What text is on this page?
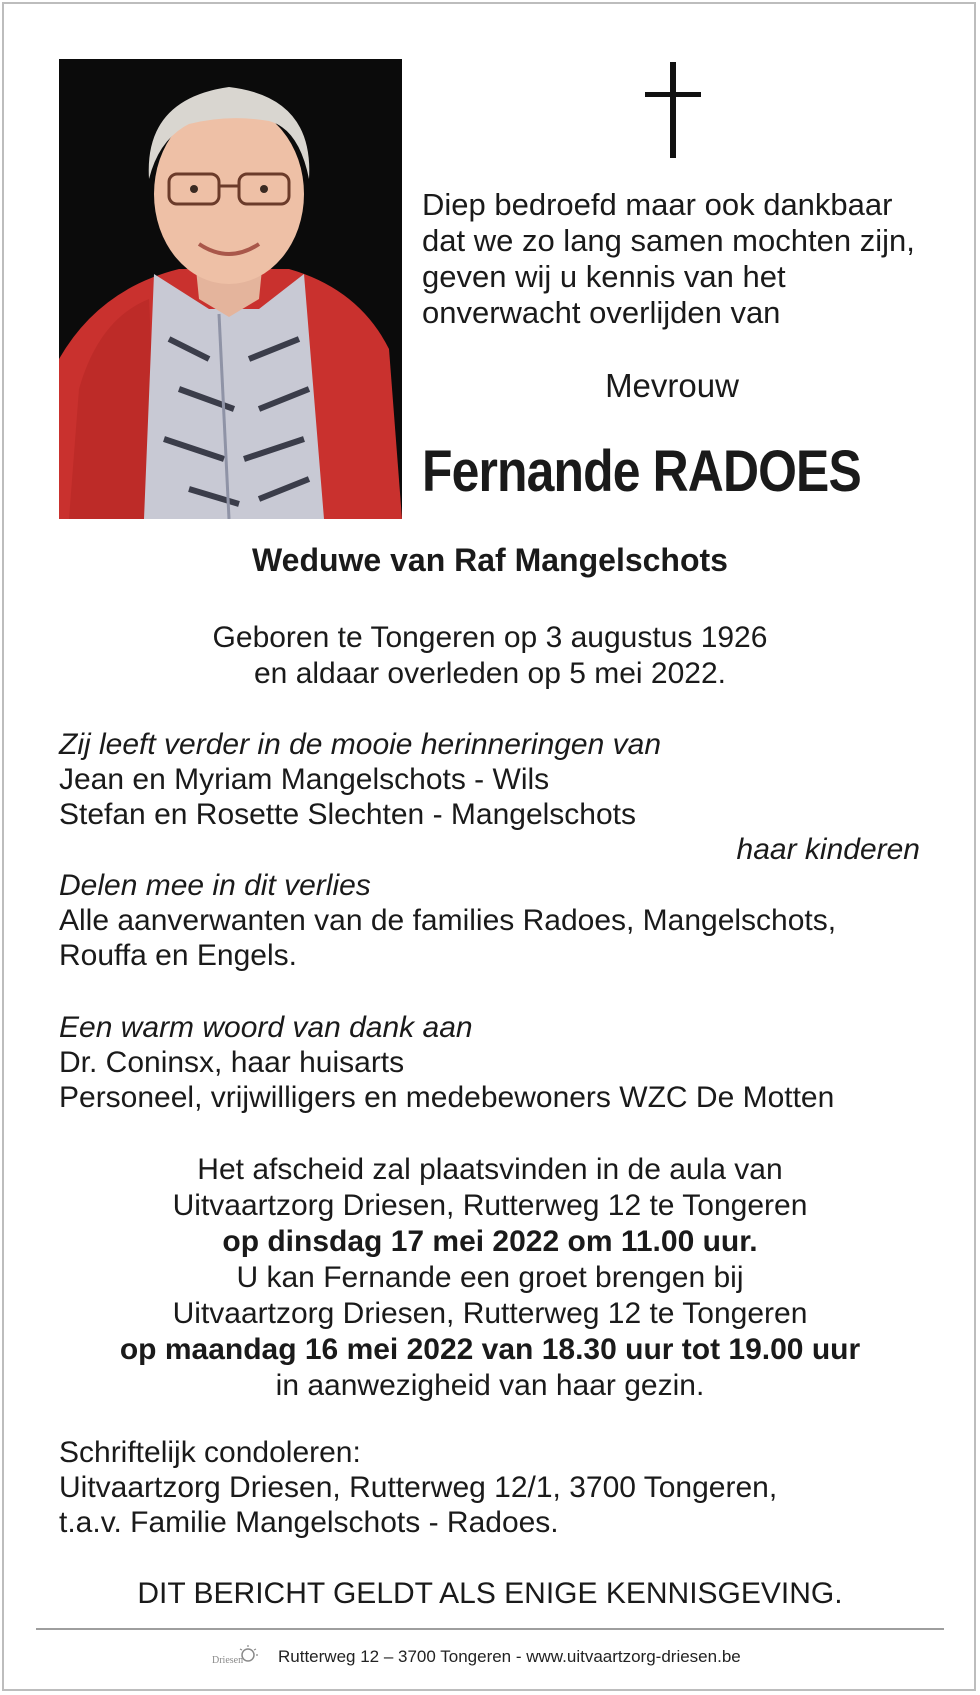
Diep bedroefd maar ook dankbaar
dat we zo lang samen mochten zijn,
geven wij u kennis van het
onverwacht overlijden van
Mevrouw
Fernande RADOES
Weduwe van Raf Mangelschots
Geboren te Tongeren op 3 augustus 1926
en aldaar overleden op 5 mei 2022.
Zij leeft verder in de mooie herinneringen van
Jean en Myriam Mangelschots - Wils
Stefan en Rosette Slechten - Mangelschots
haar kinderen
Delen mee in dit verlies
Alle aanverwanten van de families Radoes, Mangelschots,
Rouffa en Engels.
Een warm woord van dank aan
Dr. Coninsx, haar huisarts
Personeel, vrijwilligers en medebewoners WZC De Motten
Het afscheid zal plaatsvinden in de aula van
Uitvaartzorg Driesen, Rutterweg 12 te Tongeren
op dinsdag 17 mei 2022 om 11.00 uur.
U kan Fernande een groet brengen bij
Uitvaartzorg Driesen, Rutterweg 12 te Tongeren
op maandag 16 mei 2022 van 18.30 uur tot 19.00 uur
in aanwezigheid van haar gezin.
Schriftelijk condoleren:
Uitvaartzorg Driesen, Rutterweg 12/1, 3700 Tongeren,
t.a.v. Familie Mangelschots - Radoes.
DIT BERICHT GELDT ALS ENIGE KENNISGEVING.
Driesen Rutterweg 12 – 3700 Tongeren - www.uitvaartzorg-driesen.be
